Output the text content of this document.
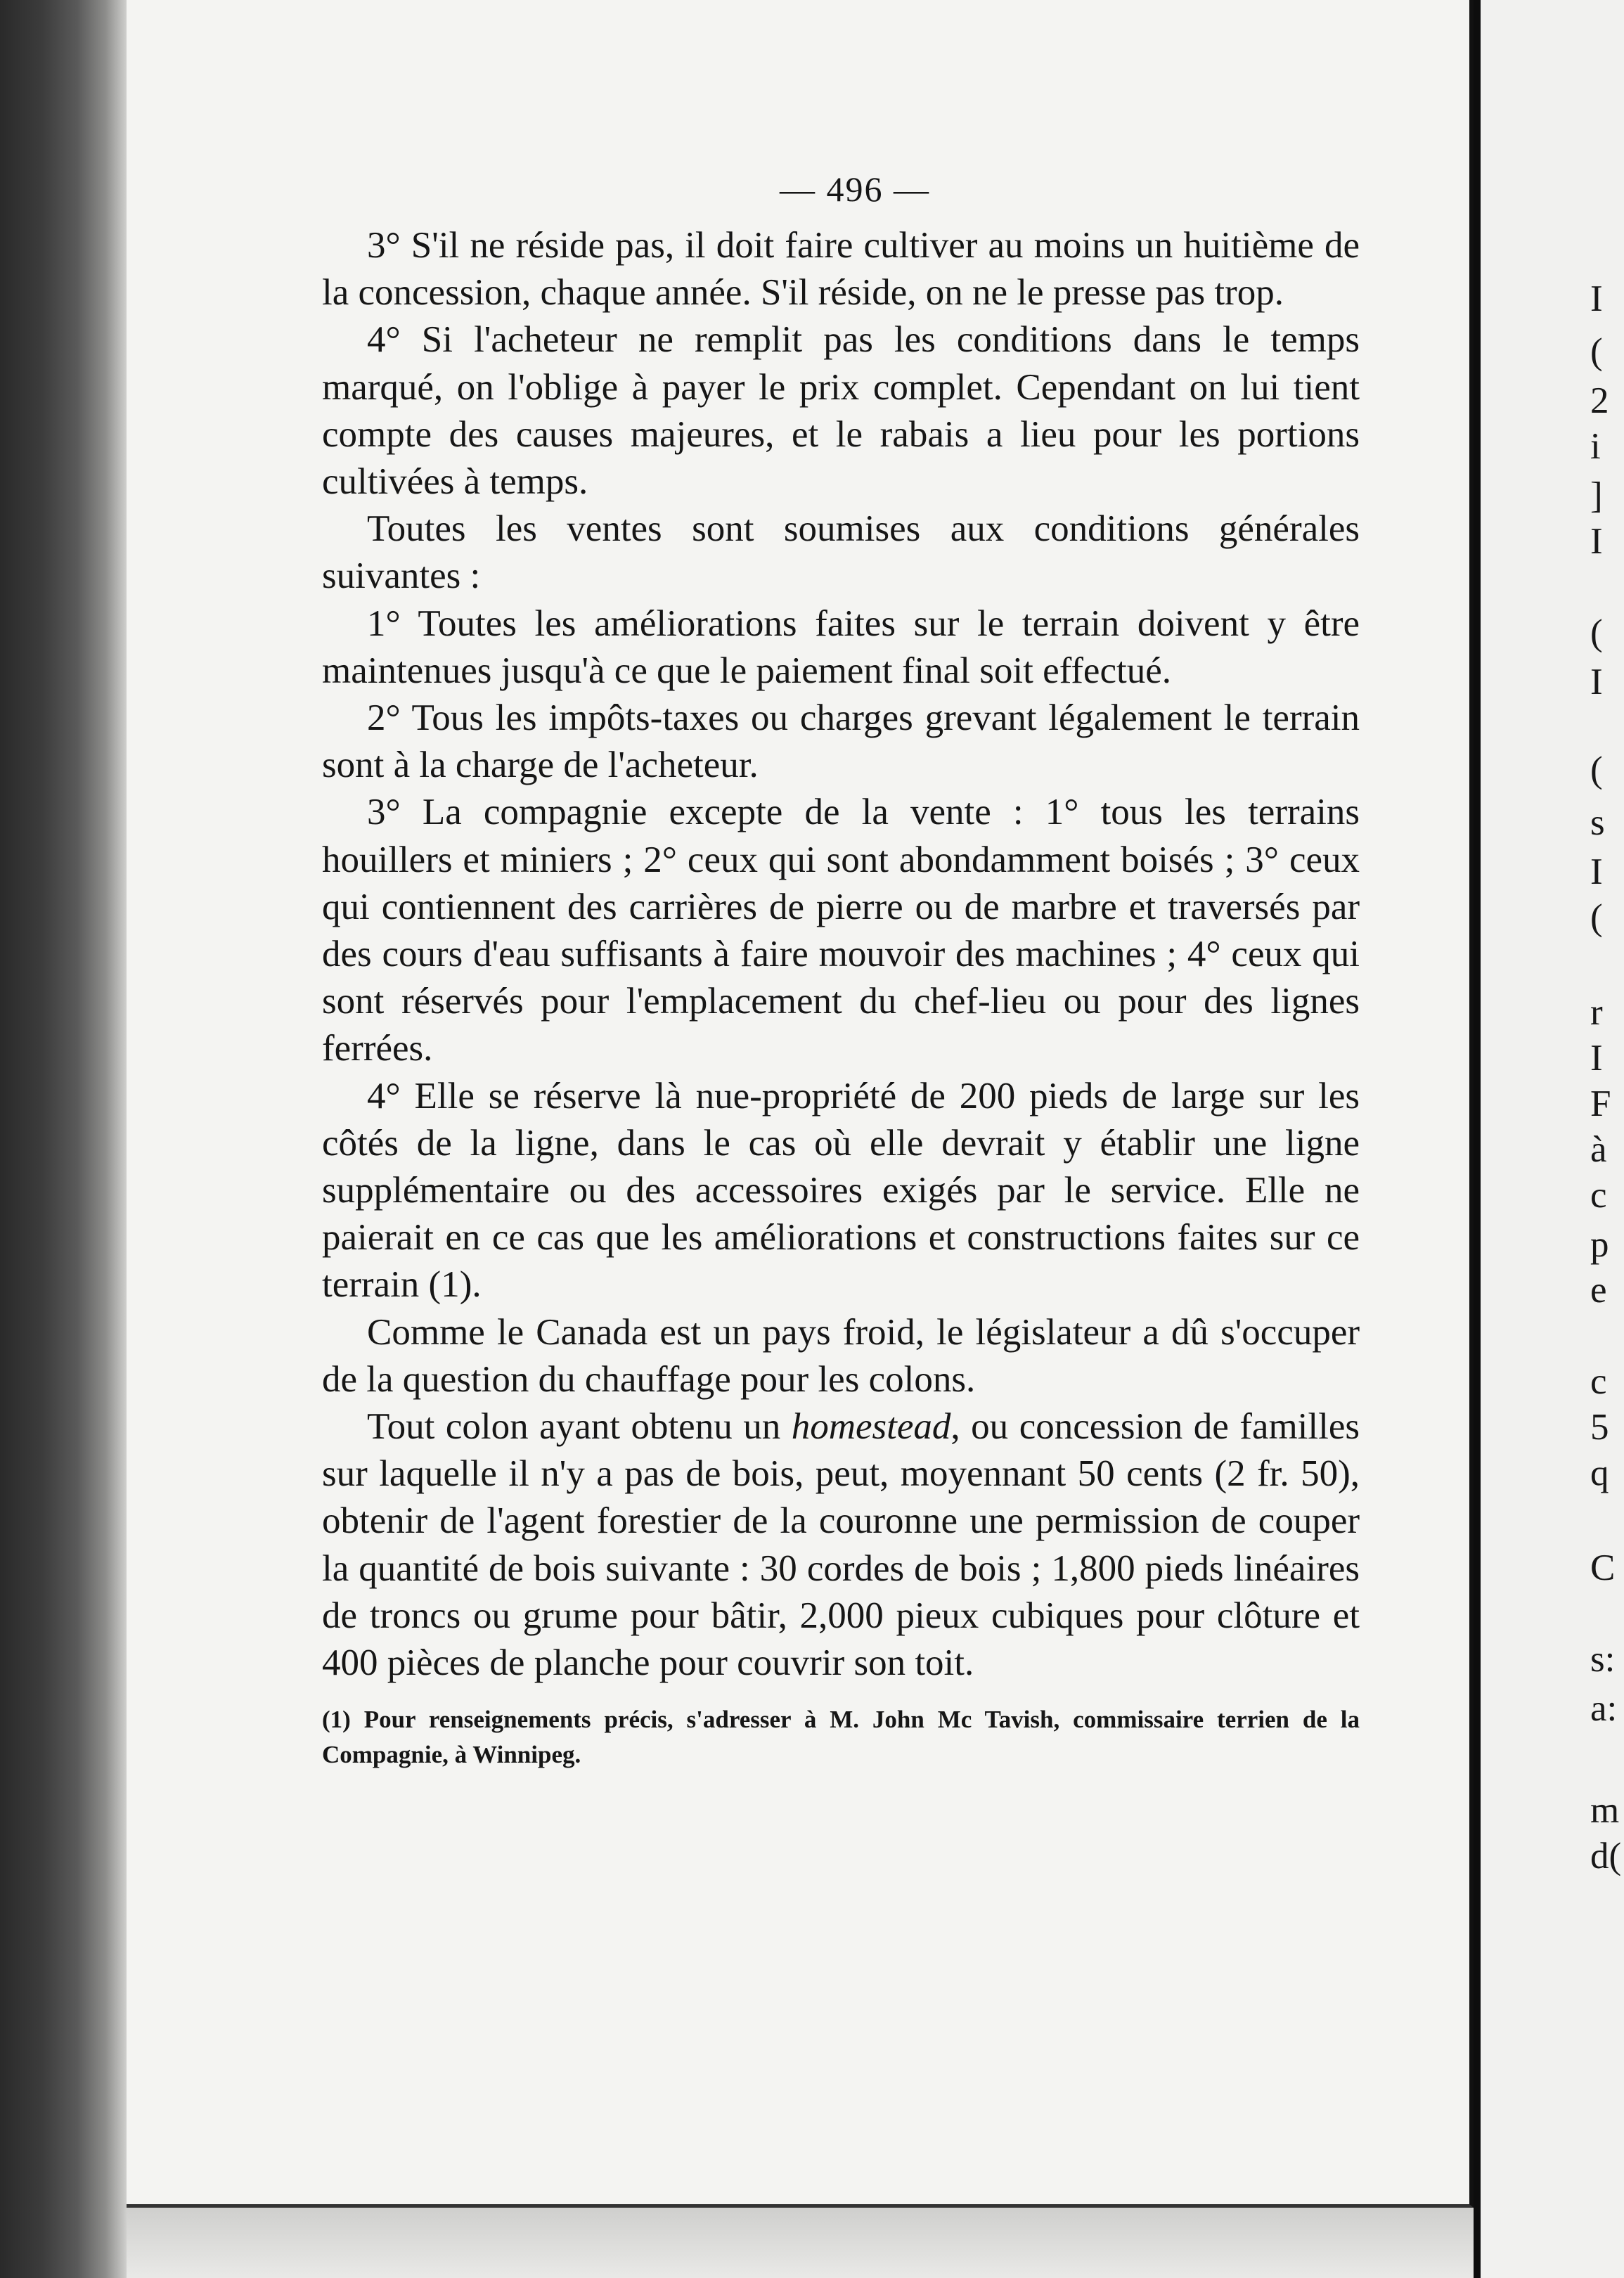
— 496 —

3° S'il ne réside pas, il doit faire cultiver au moins un huitième de la concession, chaque année. S'il réside, on ne le presse pas trop.

4° Si l'acheteur ne remplit pas les conditions dans le temps marqué, on l'oblige à payer le prix complet. Cependant on lui tient compte des causes majeures, et le rabais a lieu pour les portions cultivées à temps.

Toutes les ventes sont soumises aux conditions générales suivantes :

1° Toutes les améliorations faites sur le terrain doivent y être maintenues jusqu'à ce que le paiement final soit effectué.

2° Tous les impôts-taxes ou charges grevant légalement le terrain sont à la charge de l'acheteur.

3° La compagnie excepte de la vente : 1° tous les terrains houillers et miniers ; 2° ceux qui sont abondamment boisés ; 3° ceux qui contiennent des carrières de pierre ou de marbre et traversés par des cours d'eau suffisants à faire mouvoir des machines ; 4° ceux qui sont réservés pour l'emplacement du chef-lieu ou pour des lignes ferrées.

4° Elle se réserve là nue-propriété de 200 pieds de large sur les côtés de la ligne, dans le cas où elle devrait y établir une ligne supplémentaire ou des accessoires exigés par le service. Elle ne paierait en ce cas que les améliorations et constructions faites sur ce terrain (1).

Comme le Canada est un pays froid, le législateur a dû s'occuper de la question du chauffage pour les colons.

Tout colon ayant obtenu un homestead, ou concession de familles sur laquelle il n'y a pas de bois, peut, moyennant 50 cents (2 fr. 50), obtenir de l'agent forestier de la couronne une permission de couper la quantité de bois suivante : 30 cordes de bois ; 1,800 pieds linéaires de troncs ou grume pour bâtir, 2,000 pieux cubiques pour clôture et 400 pièces de planche pour couvrir son toit.

(1) Pour renseignements précis, s'adresser à M. John Mc Tavish, commissaire terrien de la Compagnie, à Winnipeg.

I
(
2
i
]
I
(
I
(
s
I
(
r
I
F
à
c
p
e
c
5
q
C
s:
a:
m
d(
